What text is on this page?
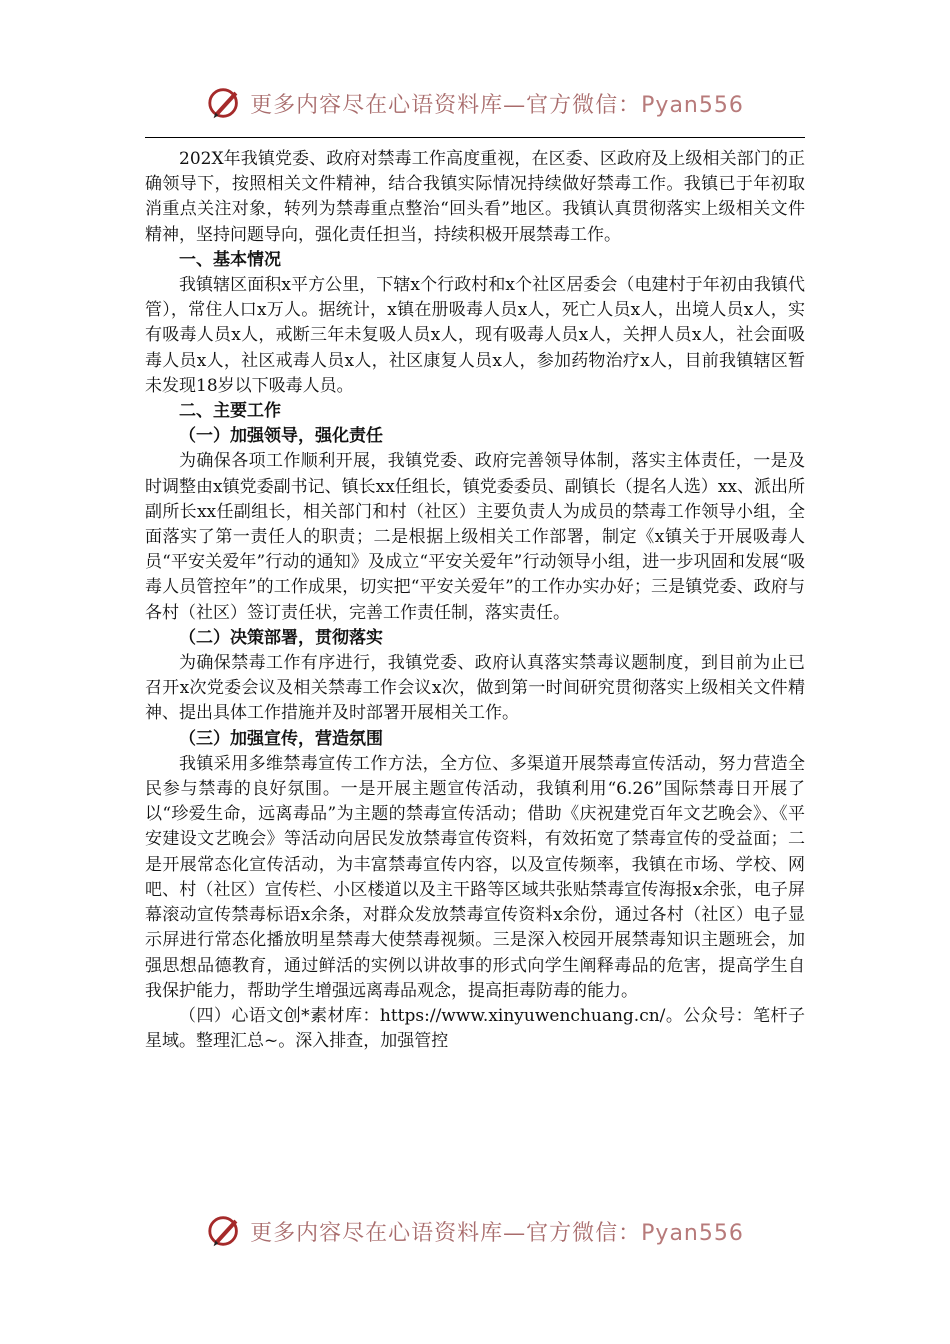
更多内容尽在心语资料库—官方微信：Pyan556

202X年我镇党委、政府对禁毒工作高度重视，在区委、区政府及上级相关部门的正确领导下，按照相关文件精神，结合我镇实际情况持续做好禁毒工作。我镇已于年初取消重点关注对象，转列为禁毒重点整治“回头看”地区。我镇认真贯彻落实上级相关文件精神，坚持问题导向，强化责任担当，持续积极开展禁毒工作。

一、基本情况

我镇辖区面积x平方公里，下辖x个行政村和x个社区居委会（电建村于年初由我镇代管），常住人口x万人。据统计，x镇在册吸毒人员x人，死亡人员x人，出境人员x人，实有吸毒人员x人，戒断三年未复吸人员x人，现有吸毒人员x人，关押人员x人，社会面吸毒人员x人，社区戒毒人员x人，社区康复人员x人，参加药物治疗x人，目前我镇辖区暂未发现18岁以下吸毒人员。

二、主要工作
（一）加强领导，强化责任

为确保各项工作顺利开展，我镇党委、政府完善领导体制，落实主体责任，一是及时调整由x镇党委副书记、镇长xx任组长，镇党委委员、副镇长（提名人选）xx、派出所副所长xx任副组长，相关部门和村（社区）主要负责人为成员的禁毒工作领导小组，全面落实了第一责任人的职责；二是根据上级相关工作部署，制定《x镇关于开展吸毒人员“平安关爱年”行动的通知》及成立“平安关爱年”行动领导小组，进一步巩固和发展“吸毒人员管控年”的工作成果，切实把“平安关爱年”的工作办实办好；三是镇党委、政府与各村（社区）签订责任状，完善工作责任制，落实责任。

（二）决策部署，贯彻落实

为确保禁毒工作有序进行，我镇党委、政府认真落实禁毒议题制度，到目前为止已召开x次党委会议及相关禁毒工作会议x次，做到第一时间研究贯彻落实上级相关文件精神、提出具体工作措施并及时部署开展相关工作。

（三）加强宣传，营造氛围

我镇采用多维禁毒宣传工作方法，全方位、多渠道开展禁毒宣传活动，努力营造全民参与禁毒的良好氛围。一是开展主题宣传活动，我镇利用“6.26”国际禁毒日开展了以“珍爱生命，远离毒品”为主题的禁毒宣传活动；借助《庆祝建党百年文艺晚会》、《平安建设文艺晚会》等活动向居民发放禁毒宣传资料，有效拓宽了禁毒宣传的受益面；二是开展常态化宣传活动，为丰富禁毒宣传内容，以及宣传频率，我镇在市场、学校、网吧、村（社区）宣传栏、小区楼道以及主干路等区域共张贴禁毒宣传海报x余张，电子屏幕滚动宣传禁毒标语x余条，对群众发放禁毒宣传资料x余份，通过各村（社区）电子显示屏进行常态化播放明星禁毒大使禁毒视频。三是深入校园开展禁毒知识主题班会，加强思想品德教育，通过鲜活的实例以讲故事的形式向学生阐释毒品的危害，提高学生自我保护能力，帮助学生增强远离毒品观念，提高拒毒防毒的能力。

（四）心语文创*素材库：https://www.xinyuwenchuang.cn/。公众号：笔杆子星域。整理汇总~。深入排查，加强管控

更多内容尽在心语资料库—官方微信：Pyan556
